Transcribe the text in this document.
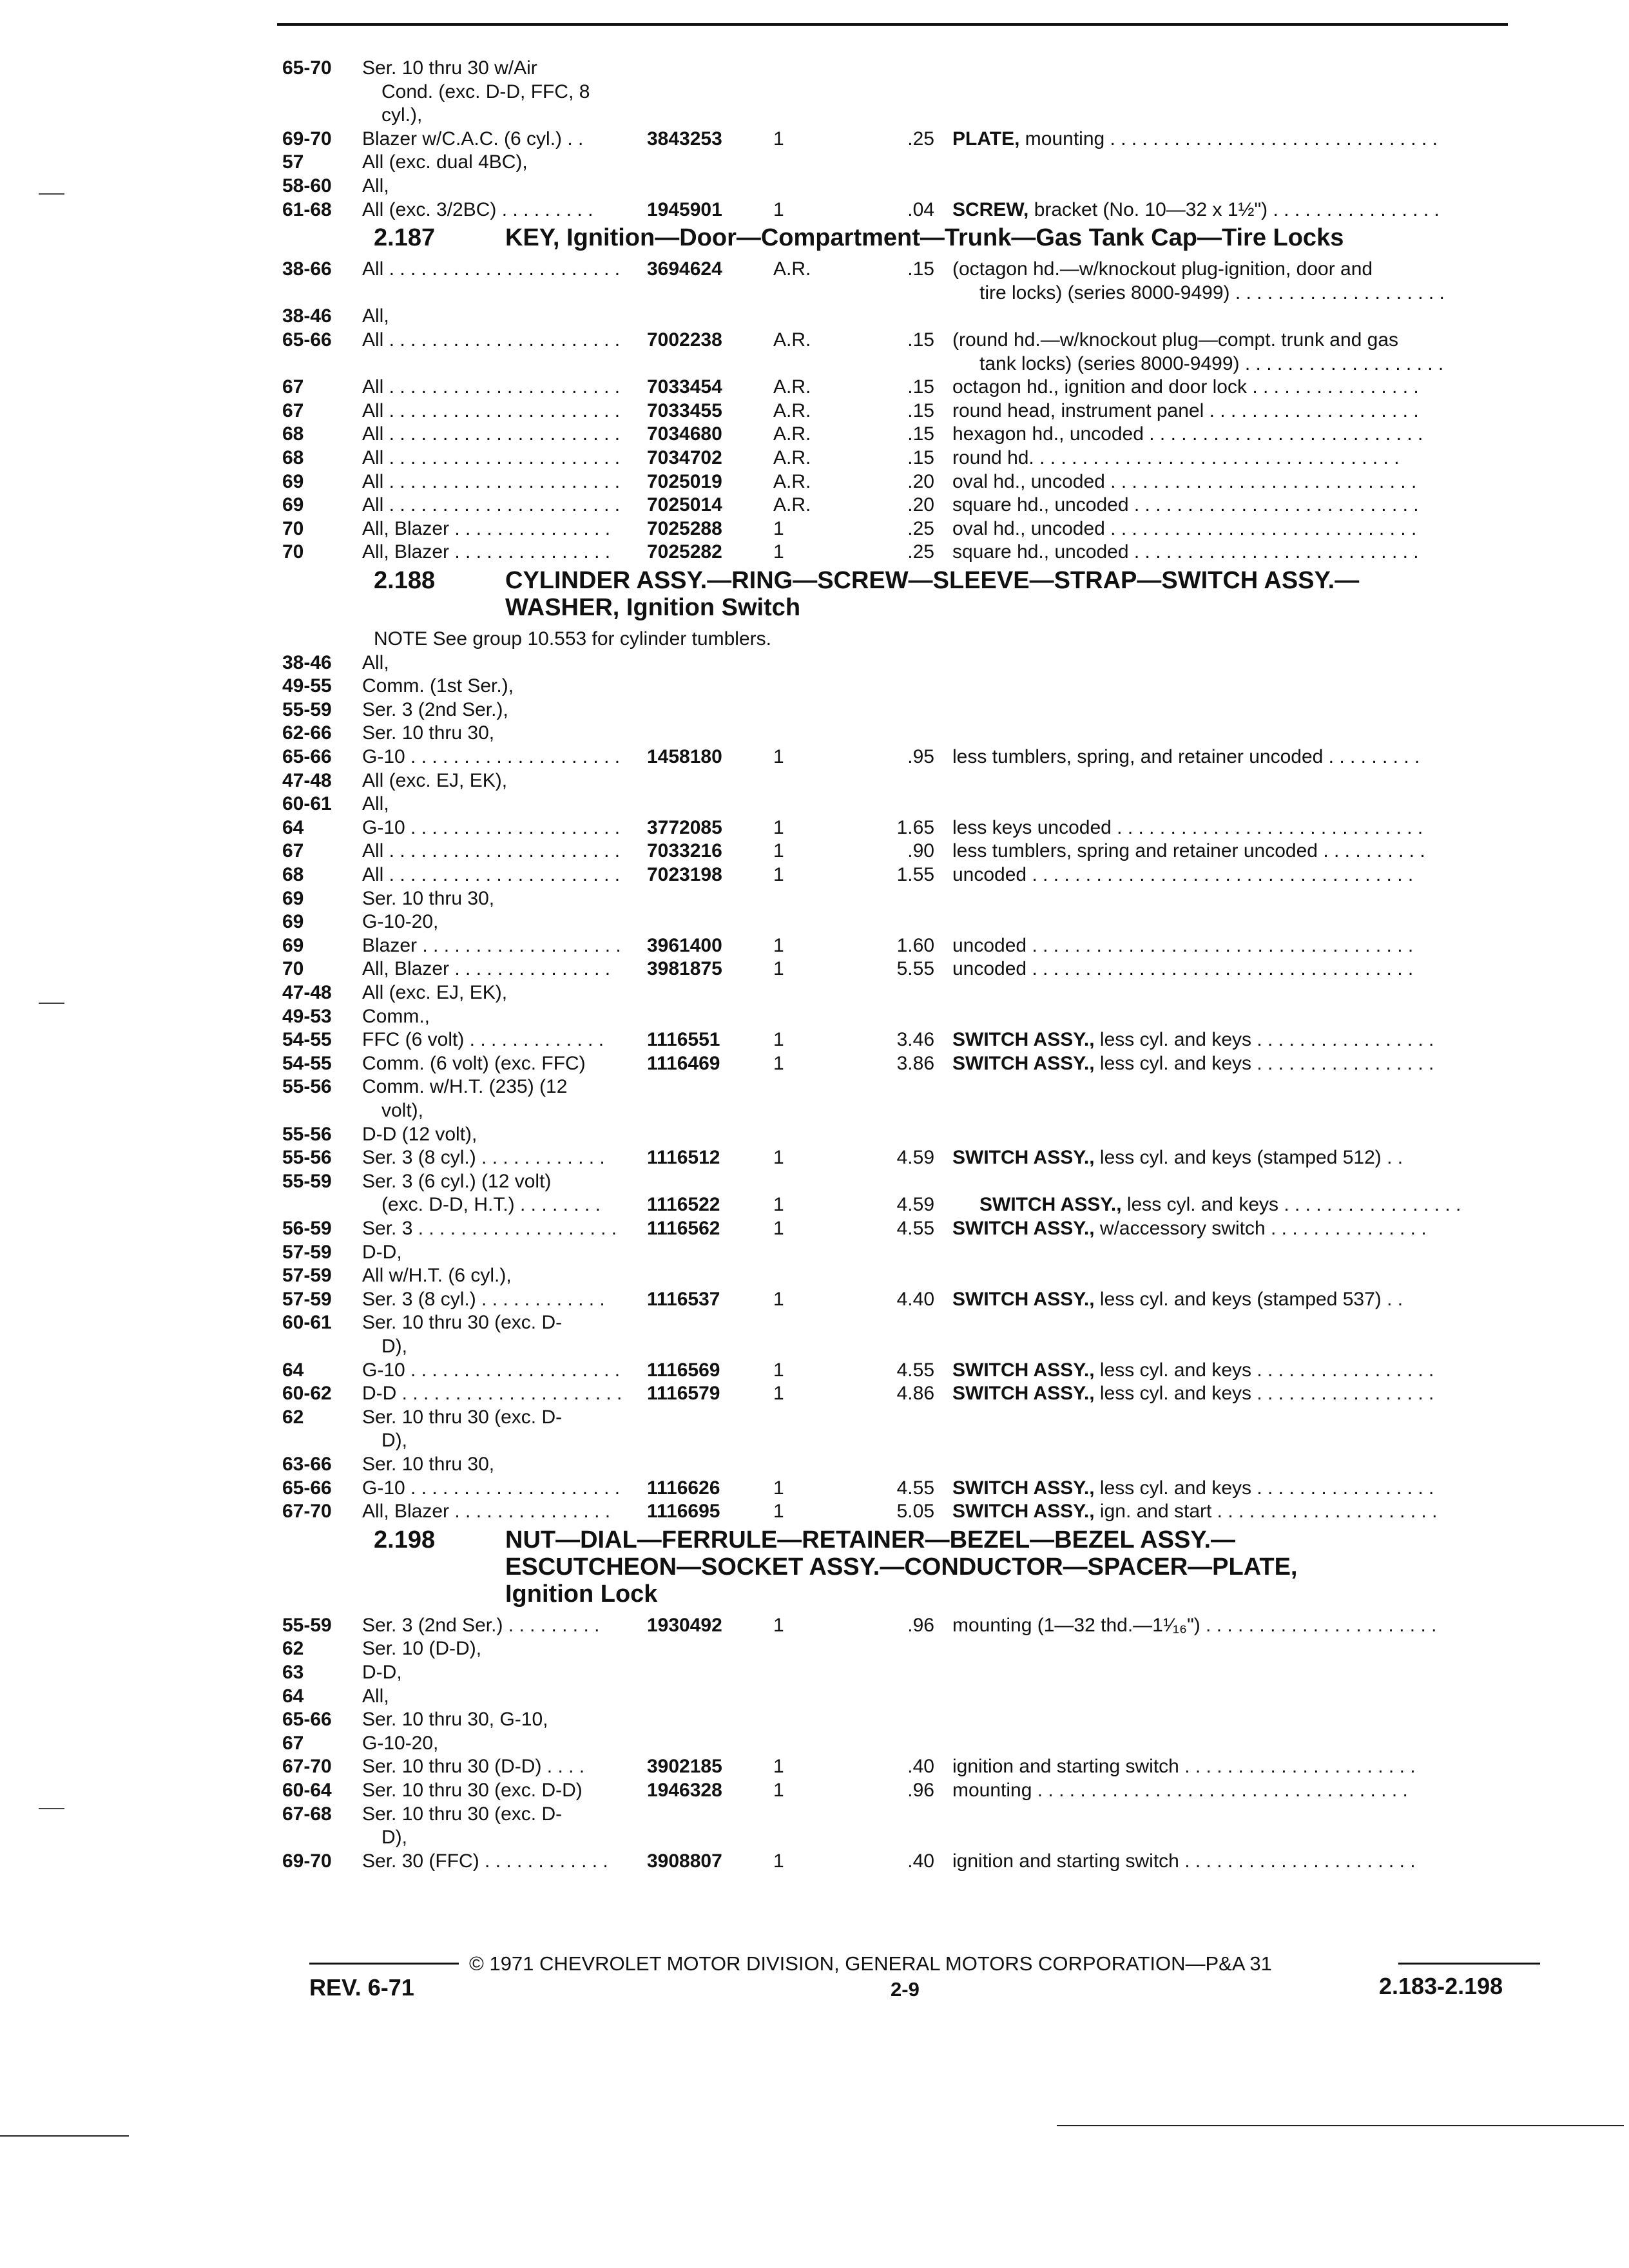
65-70 Ser. 10 thru 30 w/Air
Cond. (exc. D-D, FFC, 8
cyl.),
69-70 Blazer w/C.A.C. (6 cyl.) . .	3843253	1	.25 PLATE, mounting . . . . . . . . . . . . . . . . . . . . . . . . . . . . . . .
57	All (exc. dual 4BC),
58-60 All,
61-68 All (exc. 3/2BC) . . . . . . . . .	1945901	1	.04 SCREW, bracket (No. 10—32 x 1½") . . . . . . . . . . . . . . . .
2.187	KEY, Ignition—Door—Compartment—Trunk—Gas Tank Cap—Tire Locks
38-66 All . . . . . . . . . . . . . . . . . . . . . . 3694624	A.R.	.15 (octagon hd.—w/knockout plug-ignition, door and
tire locks) (series 8000-9499) . . . . . . . . . . . . . . . . . . . .
38-46 All,
65-66 All . . . . . . . . . . . . . . . . . . . . . . 7002238	A.R.	.15 (round hd.—w/knockout plug—compt. trunk and gas
tank locks) (series 8000-9499) . . . . . . . . . . . . . . . . . . .
67	All . . . . . . . . . . . . . . . . . . . . . . 7033454	A.R.	.15 octagon hd., ignition and door lock . . . . . . . . . . . . . . . .
67	All . . . . . . . . . . . . . . . . . . . . . . 7033455	A.R.	.15 round head, instrument panel . . . . . . . . . . . . . . . . . . . .
68	All . . . . . . . . . . . . . . . . . . . . . . 7034680	A.R.	.15 hexagon hd., uncoded . . . . . . . . . . . . . . . . . . . . . . . . . .
68	All . . . . . . . . . . . . . . . . . . . . . . 7034702	A.R.	.15 round hd. . . . . . . . . . . . . . . . . . . . . . . . . . . . . . . . . . .
69	All . . . . . . . . . . . . . . . . . . . . . . 7025019	A.R.	.20 oval hd., uncoded . . . . . . . . . . . . . . . . . . . . . . . . . . . . .
69	All . . . . . . . . . . . . . . . . . . . . . . 7025014	A.R.	.20 square hd., uncoded . . . . . . . . . . . . . . . . . . . . . . . . . . .
70	All, Blazer . . . . . . . . . . . . . . . 7025288	1	.25 oval hd., uncoded . . . . . . . . . . . . . . . . . . . . . . . . . . . . .
70	All, Blazer . . . . . . . . . . . . . . . 7025282	1	.25 square hd., uncoded . . . . . . . . . . . . . . . . . . . . . . . . . . .
2.188	CYLINDER ASSY.—RING—SCREW—SLEEVE—STRAP—SWITCH ASSY.—
WASHER, Ignition Switch
NOTE See group 10.553 for cylinder tumblers.
38-46 All,
49-55 Comm. (1st Ser.),
55-59 Ser. 3 (2nd Ser.),
62-66 Ser. 10 thru 30,
65-66 G-10 . . . . . . . . . . . . . . . . . . . . 1458180	1	.95 less tumblers, spring, and retainer uncoded . . . . . . . . .
47-48 All (exc. EJ, EK),
60-61 All,
64	G-10 . . . . . . . . . . . . . . . . . . . . 3772085	1	1.65 less keys uncoded . . . . . . . . . . . . . . . . . . . . . . . . . . . . .
67	All . . . . . . . . . . . . . . . . . . . . . . 7033216	1	.90 less tumblers, spring and retainer uncoded . . . . . . . . . .
68	All . . . . . . . . . . . . . . . . . . . . . . 7023198	1	1.55 uncoded . . . . . . . . . . . . . . . . . . . . . . . . . . . . . . . . . . . .
69	Ser. 10 thru 30,
69	G-10-20,
69	Blazer . . . . . . . . . . . . . . . . . . . 3961400	1	1.60 uncoded . . . . . . . . . . . . . . . . . . . . . . . . . . . . . . . . . . . .
70	All, Blazer . . . . . . . . . . . . . . . 3981875	1	5.55 uncoded . . . . . . . . . . . . . . . . . . . . . . . . . . . . . . . . . . . .
47-48 All (exc. EJ, EK),
49-53 Comm.,
54-55 FFC (6 volt) . . . . . . . . . . . . . 1116551	1	3.46 SWITCH ASSY., less cyl. and keys . . . . . . . . . . . . . . . . .
54-55 Comm. (6 volt) (exc. FFC)	1116469	1	3.86 SWITCH ASSY., less cyl. and keys . . . . . . . . . . . . . . . . .
55-56 Comm. w/H.T. (235) (12
volt),
55-56 D-D (12 volt),
55-56 Ser. 3 (8 cyl.) . . . . . . . . . . . . 1116512	1	4.59 SWITCH ASSY., less cyl. and keys (stamped 512) . .
55-59 Ser. 3 (6 cyl.) (12 volt)
(exc. D-D, H.T.) . . . . . . . . 1116522	1	4.59 SWITCH ASSY., less cyl. and keys . . . . . . . . . . . . . . . . .
56-59 Ser. 3 . . . . . . . . . . . . . . . . . . . 1116562	1	4.55 SWITCH ASSY., w/accessory switch . . . . . . . . . . . . . . .
57-59 D-D,
57-59 All w/H.T. (6 cyl.),
57-59 Ser. 3 (8 cyl.) . . . . . . . . . . . . 1116537	1	4.40 SWITCH ASSY., less cyl. and keys (stamped 537) . .
60-61 Ser. 10 thru 30 (exc. D-
D),
64	G-10 . . . . . . . . . . . . . . . . . . . . 1116569	1	4.55 SWITCH ASSY., less cyl. and keys . . . . . . . . . . . . . . . . .
60-62 D-D . . . . . . . . . . . . . . . . . . . . . 1116579	1	4.86 SWITCH ASSY., less cyl. and keys . . . . . . . . . . . . . . . . .
62	Ser. 10 thru 30 (exc. D-
D),
63-66 Ser. 10 thru 30,
65-66 G-10 . . . . . . . . . . . . . . . . . . . . 1116626	1	4.55 SWITCH ASSY., less cyl. and keys . . . . . . . . . . . . . . . . .
67-70 All, Blazer . . . . . . . . . . . . . . . 1116695	1	5.05 SWITCH ASSY., ign. and start . . . . . . . . . . . . . . . . . . . . .
2.198	NUT—DIAL—FERRULE—RETAINER—BEZEL—BEZEL ASSY.—
ESCUTCHEON—SOCKET ASSY.—CONDUCTOR—SPACER—PLATE,
Ignition Lock
55-59 Ser. 3 (2nd Ser.) . . . . . . . . . 1930492	1	.96 mounting (1—32 thd.—1¹⁄₁₆") . . . . . . . . . . . . . . . . . . . . . .
62	Ser. 10 (D-D),
63	D-D,
64	All,
65-66 Ser. 10 thru 30, G-10,
67	G-10-20,
67-70 Ser. 10 thru 30 (D-D) . . . .	3902185	1	.40 ignition and starting switch . . . . . . . . . . . . . . . . . . . . . .
60-64 Ser. 10 thru 30 (exc. D-D)	1946328	1	.96 mounting . . . . . . . . . . . . . . . . . . . . . . . . . . . . . . . . . . .
67-68 Ser. 10 thru 30 (exc. D-
D),
69-70 Ser. 30 (FFC) . . . . . . . . . . . . 3908807	1	.40 ignition and starting switch . . . . . . . . . . . . . . . . . . . . . .
© 1971 CHEVROLET MOTOR DIVISION, GENERAL MOTORS CORPORATION—P&A 31
REV. 6-71	2-9	2.183-2.198
